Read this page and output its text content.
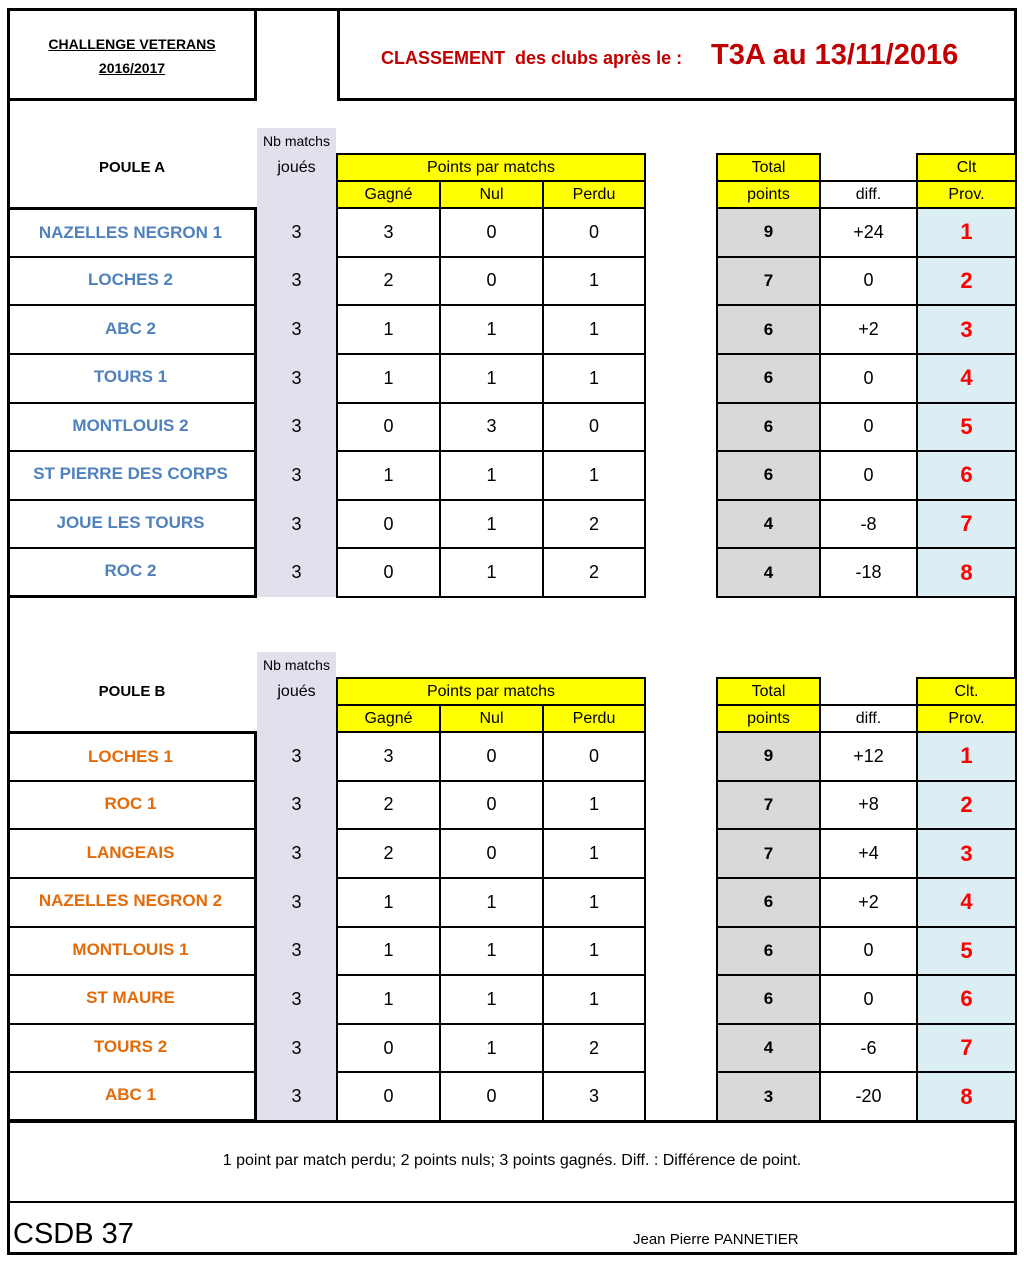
CHALLENGE VETERANS
2016/2017	CLASSEMENT  des clubs après le : T3A au 13/11/2016
Nb matchs
joués
POULE A	Points par matchs
Gagné	Nul	Perdu
Total
points	diff.
Clt
Prov.
NAZELLES NEGRON 1	3	3	0	0	9	+24	1
LOCHES 2	3	2	0	1	7	0	2
ABC 2	3	1	1	1	6	+2	3
TOURS 1	3	1	1	1	6	0	4
MONTLOUIS 2	3	0	3	0	6	0	5
ST PIERRE DES CORPS	3	1	1	1	6	0	6
JOUE LES TOURS	3	0	1	2	4	-8	7
ROC 2	3	0	1	2	4	-18	8
Nb matchs
joués
POULE B	Points par matchs
Gagné	Nul	Perdu
Total
points	diff.
Clt.
Prov.
LOCHES 1	3	3	0	0	9	+12	1
ROC 1	3	2	0	1	7	+8	2
LANGEAIS	3	2	0	1	7	+4	3
NAZELLES NEGRON 2	3	1	1	1	6	+2	4
MONTLOUIS 1	3	1	1	1	6	0	5
ST MAURE	3	1	1	1	6	0	6
TOURS 2	3	0	1	2	4	-6	7
ABC 1	3	0	0	3	3	-20	8
1 point par match perdu; 2 points nuls; 3 points gagnés. Diff. : Différence de point.
CSDB 37	Jean Pierre PANNETIER
